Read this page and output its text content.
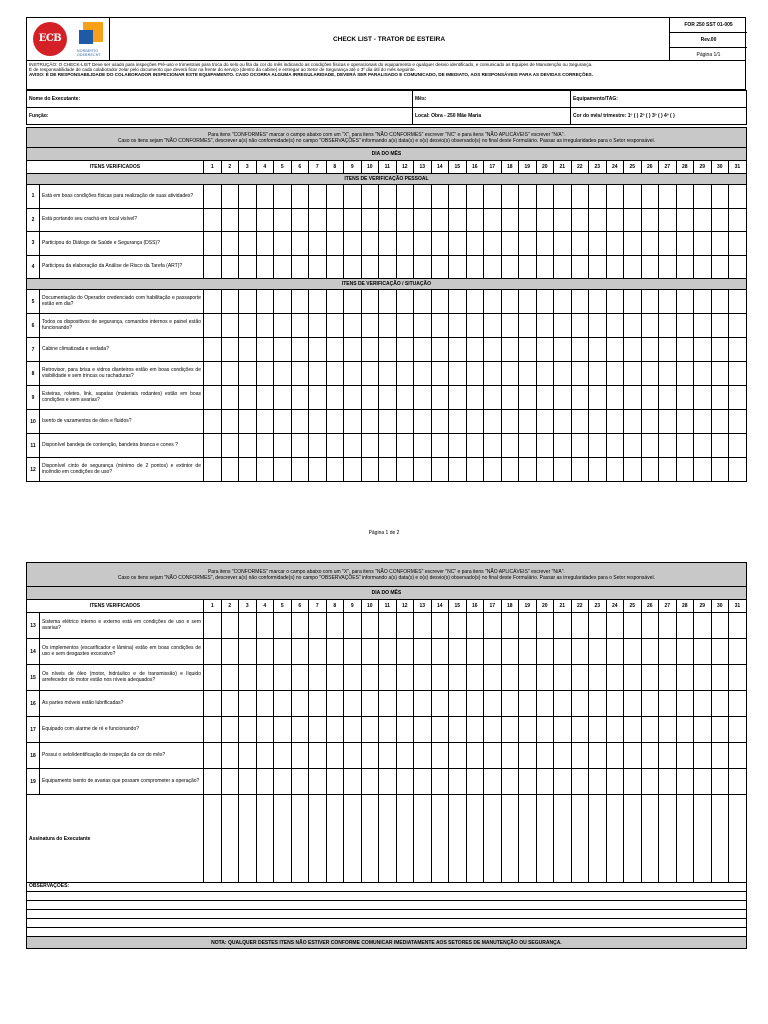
ECB
NORBERTO ODEBRECHT
CHECK LIST - TRATOR DE ESTEIRA
FOR 250 SST 01-005
Rev.00
Página 1/1
INSTRUÇÃO: O CHECK-LIST Deve ser usado para inspeções Pré-uso e trimestrais para troca do selo ou fita da cor do mês indicando as condições físicas e operacionais do equipamento e qualquer desvio identificado, e comunicado as Equipes de Manutenção ou Segurança.
É de responsabilidade de cada colaborador zelar pelo documento que deverá ficar na frente do serviço (dentro da cabine) e entregar ao Setor de Segurança até o 3º dia útil do mês seguinte.
AVISO: É DE RESPONSABILIDADE DO COLABORADOR INSPECIONAR ESTE EQUIPAMENTO. CASO OCORRA ALGUMA IRREGULARIDADE, DEVERÁ SER PARALISADO E COMUNICADO, DE IMEDIATO, AOS RESPONSÁVEIS PARA AS DEVIDAS CORREÇÕES.
Nome do Executante:	Mês:	Equipamento/TAG:
Função:	Local: Obra - 250 Mãe Maria	Cor do mês/ trimestre: 1º ( ) 2º ( ) 3º ( ) 4º ( )
Para itens "CONFORMES" marcar o campo abaixo com um "X", para itens "NÃO CONFORMES" escrever "NC" e para itens "NÃO APLICÁVEIS" escrever "N/A".
Caso os itens sejam "NÃO CONFORMES", descrever a(s) não conformidade(s) no campo "OBSERVAÇÕES" informando a(s) data(s) e o(s) desvio(s) observado(s) no final deste Formulário. Passar as irregularidades para o Setor responsável.																																

DIA DO MÊS																																
ITENS VERIFICADOS		1	2	3	4	5	6	7	8	9	10	11	12	13	14	15	16	17	18	19	20	21	22	23	24	25	26	27	28	29	30	31
ITENS DE VERIFICAÇÃO PESSOAL																																
1	Está em boas condições físicas para realização de suas atividades?																															
2	Está portando seu crachá em local visível?																															
3	Participou do Diálogo de Saúde e Segurança (DSS)?																															
4	Participou da elaboração da Análise de Risco da Tarefa (ART)?																															
ITENS DE VERIFICAÇÃO / SITUAÇÃO																																
5	Documentação do Operador credenciado com habilitação e passaporte estão em dia?																															
6	Todos os dispositivos de segurança, comandos internos e painel estão funcionando?																															
7	Cabine climatizada e vedada?																															
8	Retrovisor, para brisa e vidros dianteiros estão em boas condições de visibilidade e sem trincas ou rachaduras?																															
9	Esteiras, roletes, link, sapatas (materiais rodantes) estão em boas condições e sem avarias?																															
10	Isento de vazamentos de óleo e fluidos?																															
11	Disponível bandeja de contenção, bandeira branca e cones ?																															
12	Disponível cinto de segurança (mínimo de 2 pontos) e extintor de incêndio em condições de uso?																															
Página 1 de 2
Para itens "CONFORMES" marcar o campo abaixo com um "X", para itens "NÃO CONFORMES" escrever "NC" e para itens "NÃO APLICÁVEIS" escrever "N/A".
Caso os itens sejam "NÃO CONFORMES", descrever a(s) não conformidade(s) no campo "OBSERVAÇÕES" informando a(s) data(s) e o(s) desvio(s) observado(s) no final deste Formulário. Passar as irregularidades para o Setor responsável.																																

DIA DO MÊS																																
ITENS VERIFICADOS		1	2	3	4	5	6	7	8	9	10	11	12	13	14	15	16	17	18	19	20	21	22	23	24	25	26	27	28	29	30	31
13	Sistema elétrico interno e externo está em condições de uso e sem avarias?																															
14	Os implementos (escarificador e lâmina) estão em boas condições de uso e sem desgastes excessivo?																															
15	Os níveis de óleo (motor, hidráulico e de transmissão) e líquido arrefecedor do motor estão nos níveis adequados?																															
16	As partes móveis estão lubrificadas?																															
17	Equipado com alarme de ré e funcionando?																															
18	Possui o selo/identificação de inspeção da cor do mês?																															
19	Equipamento isento de avarias que possam comprometer a operação?																															
Assinatura do Executante																																
OBSERVAÇÕES:																																

NOTA: QUALQUER DESTES ITENS NÃO ESTIVER CONFORME COMUNICAR IMEDIATAMENTE AOS SETORES DE MANUTENÇÃO OU SEGURANÇA.																																
